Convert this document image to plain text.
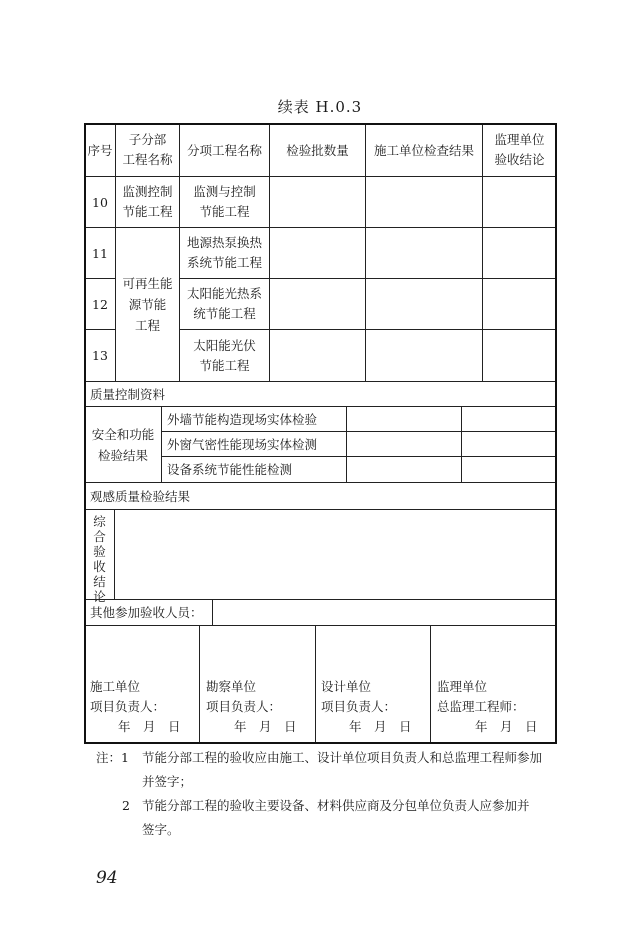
续表 H.0.3
序号
子分部
工程名称
分项工程名称 检验批数量 施工单位检查结果
监理单位
验收结论
10
监测控制
节能工程
监测与控制
节能工程
11
地源热泵换热
系统节能工程
12
太阳能光热系
统节能工程
13
太阳能光伏
节能工程
可再生能
源节能
工程
质量控制资料
安全和功能
检验结果
外墙节能构造现场实体检验
外窗气密性能现场实体检测
设备系统节能性能检测
观感质量检验结果
综
合
验
收
结
论
其他参加验收人员：
施工单位
项目负责人：
年　月　日
勘察单位
项目负责人：
年　月　日
设计单位
项目负责人：
年　月　日
监理单位
总监理工程师：
年　月　日
注：1	节能分部工程的验收应由施工、设计单位项目负责人和总监理工程师参加
并签字；
2 节能分部工程的验收主要设备、材料供应商及分包单位负责人应参加并
签字。
94
